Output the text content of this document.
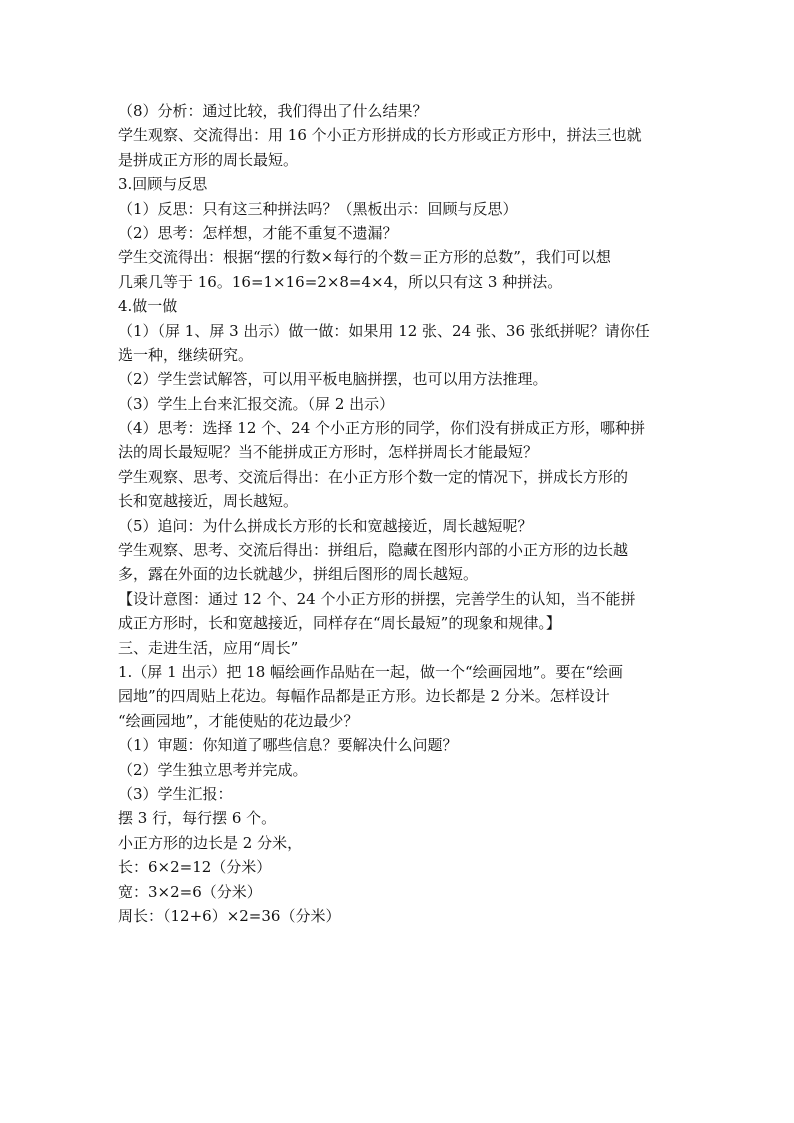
（8）分析：通过比较，我们得出了什么结果？

学生观察、交流得出：用 16 个小正方形拼成的长方形或正方形中，拼法三也就

是拼成正方形的周长最短。

3.回顾与反思

（1）反思：只有这三种拼法吗？（黑板出示：回顾与反思）

（2）思考：怎样想，才能不重复不遗漏？

学生交流得出：根据“摆的行数×每行的个数＝正方形的总数”，我们可以想

几乘几等于 16。16=1×16=2×8=4×4，所以只有这 3 种拼法。

4.做一做

（1）（屏 1、屏 3 出示）做一做：如果用 12 张、24 张、36 张纸拼呢？请你任

选一种，继续研究。

（2）学生尝试解答，可以用平板电脑拼摆，也可以用方法推理。

（3）学生上台来汇报交流。（屏 2 出示）

（4）思考：选择 12 个、24 个小正方形的同学，你们没有拼成正方形，哪种拼

法的周长最短呢？当不能拼成正方形时，怎样拼周长才能最短？

学生观察、思考、交流后得出：在小正方形个数一定的情况下，拼成长方形的

长和宽越接近，周长越短。

（5）追问：为什么拼成长方形的长和宽越接近，周长越短呢？

学生观察、思考、交流后得出：拼组后，隐藏在图形内部的小正方形的边长越

多，露在外面的边长就越少，拼组后图形的周长越短。

【设计意图：通过 12 个、24 个小正方形的拼摆，完善学生的认知，当不能拼

成正方形时，长和宽越接近，同样存在“周长最短”的现象和规律。】

三、走进生活，应用“周长”

1.（屏 1 出示）把 18 幅绘画作品贴在一起，做一个“绘画园地”。要在“绘画

园地”的四周贴上花边。每幅作品都是正方形。边长都是 2 分米。怎样设计

“绘画园地”，才能使贴的花边最少？

（1）审题：你知道了哪些信息？要解决什么问题？

（2）学生独立思考并完成。

（3）学生汇报：

摆 3 行，每行摆 6 个。

小正方形的边长是 2 分米，

长：6×2=12（分米）

宽：3×2=6（分米）

周长：（12+6）×2=36（分米）
